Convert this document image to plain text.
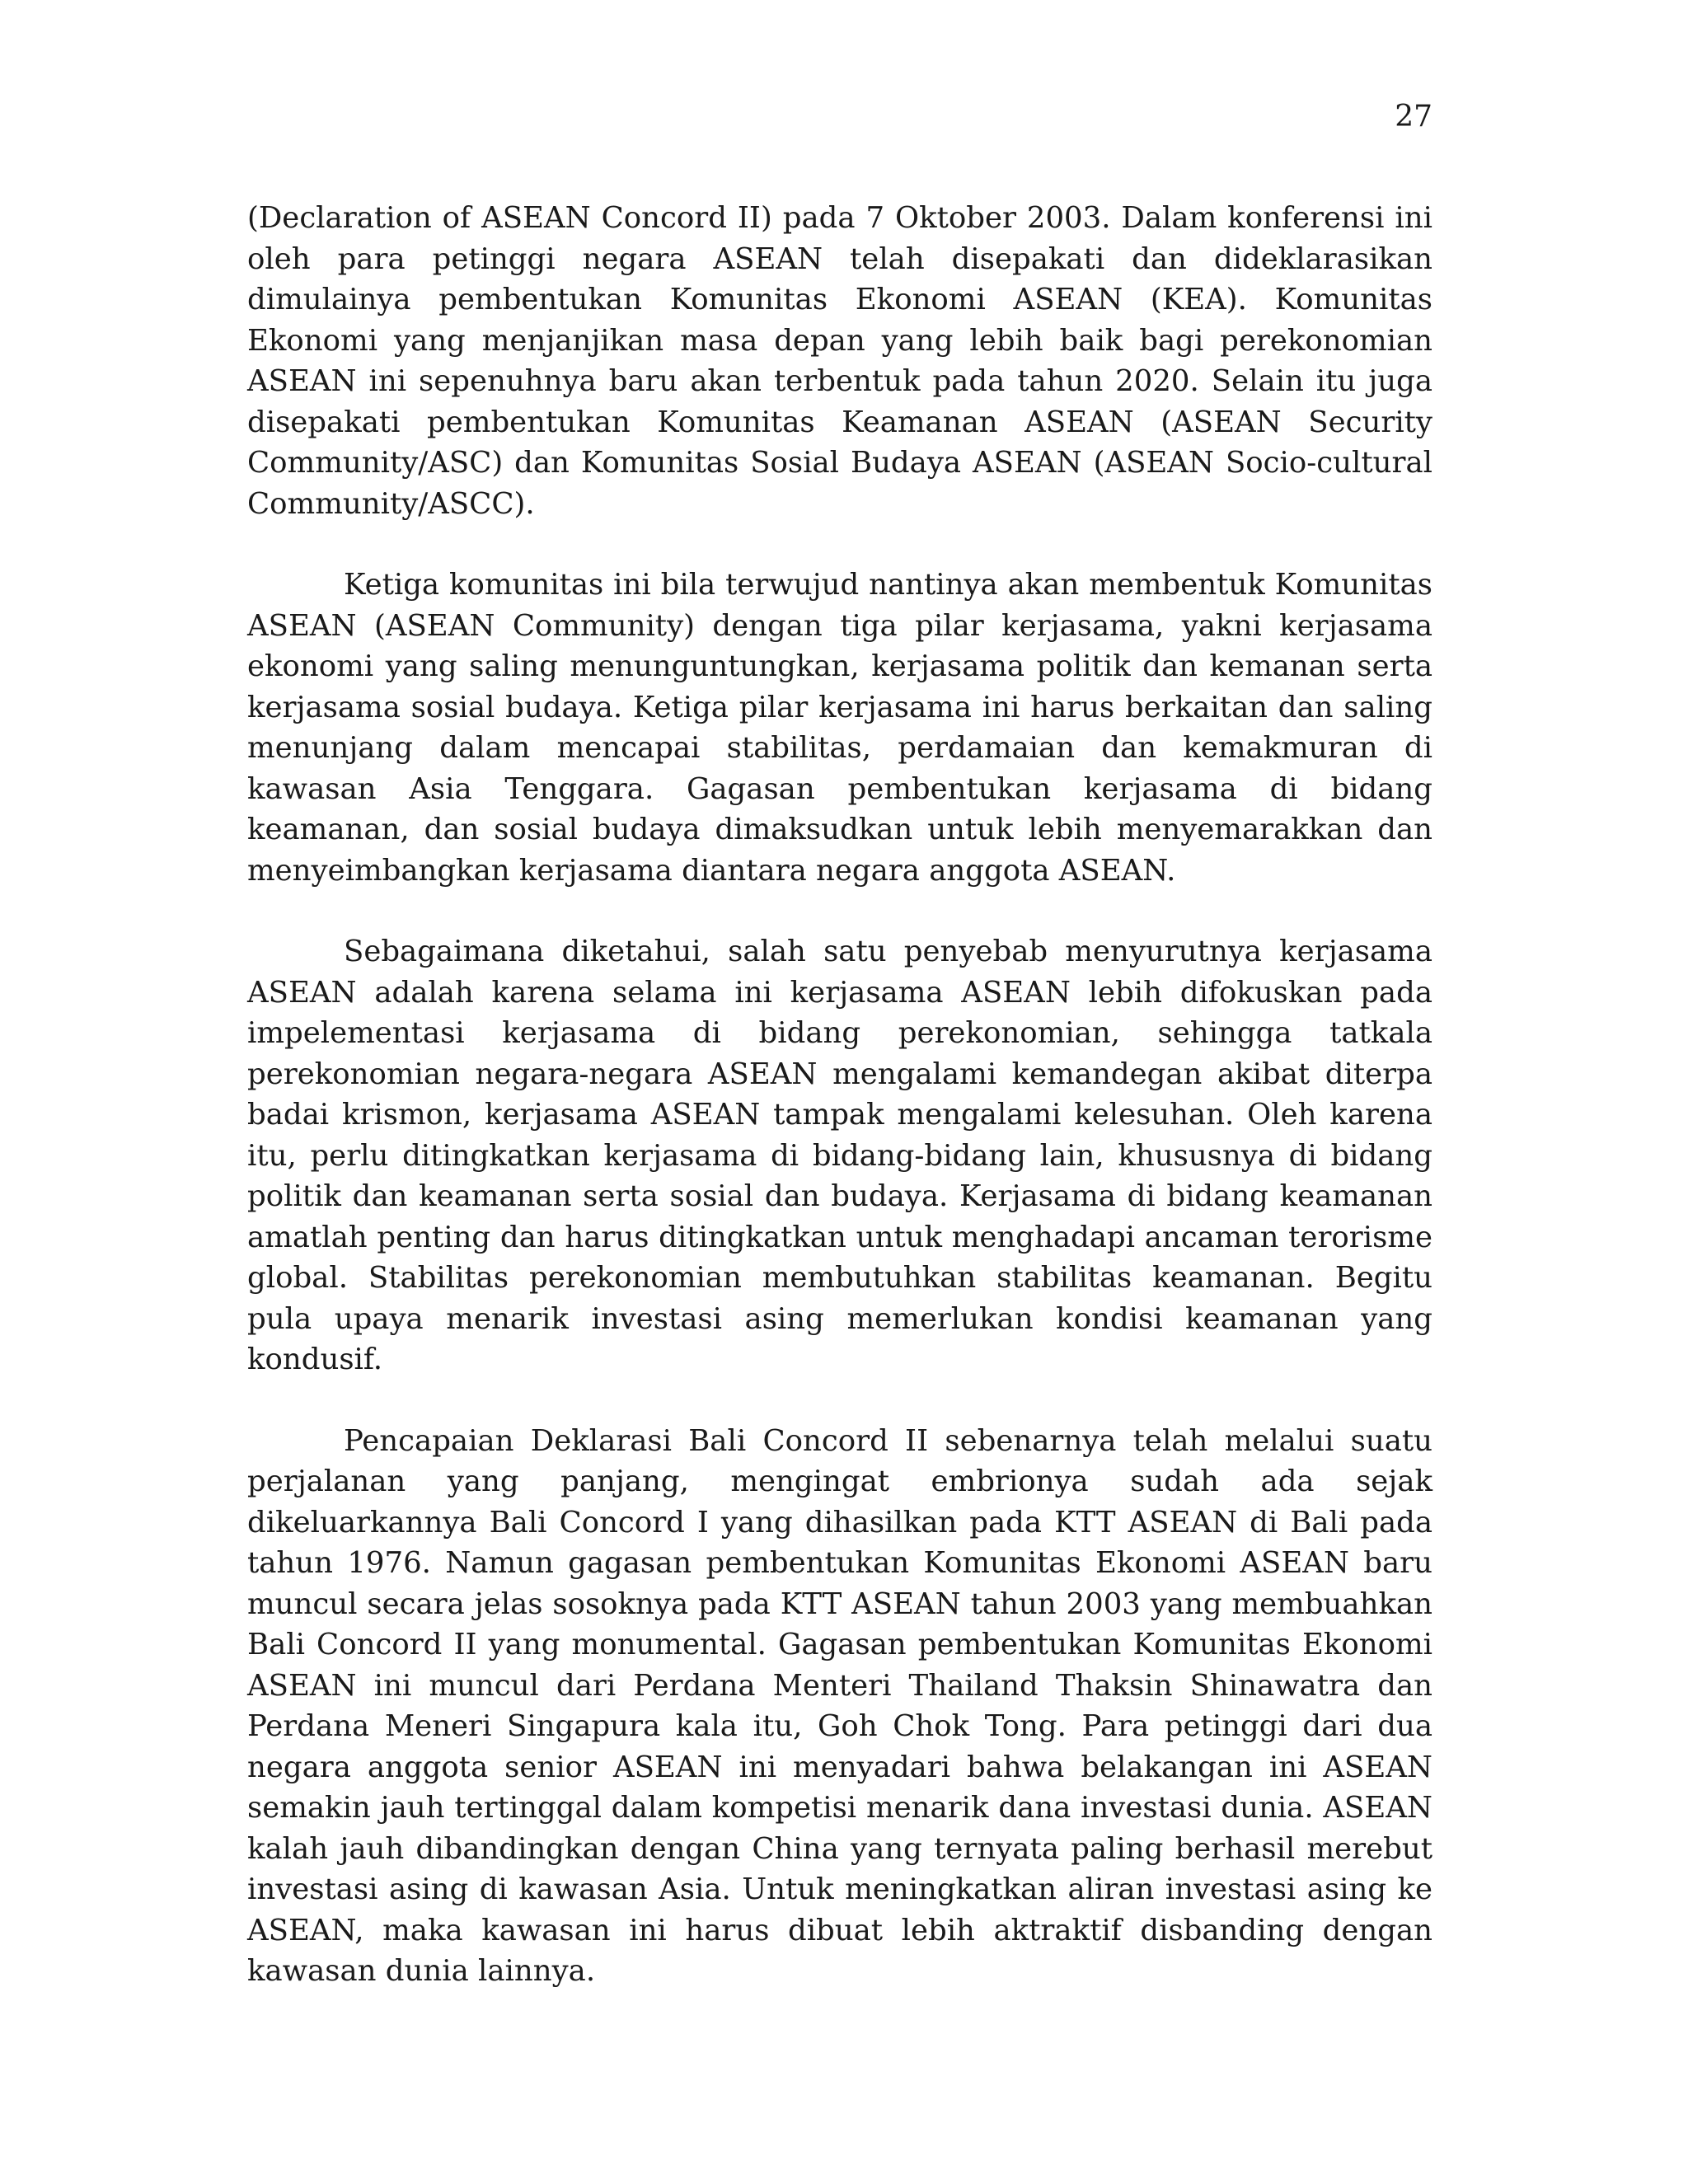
27

(Declaration of ASEAN Concord II) pada 7 Oktober 2003. Dalam konferensi ini oleh para petinggi negara ASEAN telah disepakati dan dideklarasikan dimulainya pembentukan Komunitas Ekonomi ASEAN (KEA). Komunitas Ekonomi yang menjanjikan masa depan yang lebih baik bagi perekonomian ASEAN ini sepenuhnya baru akan terbentuk pada tahun 2020. Selain itu juga disepakati pembentukan Komunitas Keamanan ASEAN (ASEAN Security Community/ASC) dan Komunitas Sosial Budaya ASEAN (ASEAN Socio-cultural Community/ASCC).

Ketiga komunitas ini bila terwujud nantinya akan membentuk Komunitas ASEAN (ASEAN Community) dengan tiga pilar kerjasama, yakni kerjasama ekonomi yang saling menunguntungkan, kerjasama politik dan kemanan serta kerjasama sosial budaya. Ketiga pilar kerjasama ini harus berkaitan dan saling menunjang dalam mencapai stabilitas, perdamaian dan kemakmuran di kawasan Asia Tenggara. Gagasan pembentukan kerjasama di bidang keamanan, dan sosial budaya dimaksudkan untuk lebih menyemarakkan dan menyeimbangkan kerjasama diantara negara anggota ASEAN.

Sebagaimana diketahui, salah satu penyebab menyurutnya kerjasama ASEAN adalah karena selama ini kerjasama ASEAN lebih difokuskan pada impelementasi kerjasama di bidang perekonomian, sehingga tatkala perekonomian negara-negara ASEAN mengalami kemandegan akibat diterpa badai krismon, kerjasama ASEAN tampak mengalami kelesuhan. Oleh karena itu, perlu ditingkatkan kerjasama di bidang-bidang lain, khususnya di bidang politik dan keamanan serta sosial dan budaya. Kerjasama di bidang keamanan amatlah penting dan harus ditingkatkan untuk menghadapi ancaman terorisme global. Stabilitas perekonomian membutuhkan stabilitas keamanan. Begitu pula upaya menarik investasi asing memerlukan kondisi keamanan yang kondusif.

Pencapaian Deklarasi Bali Concord II sebenarnya telah melalui suatu perjalanan yang panjang, mengingat embrionya sudah ada sejak dikeluarkannya Bali Concord I yang dihasilkan pada KTT ASEAN di Bali pada tahun 1976. Namun gagasan pembentukan Komunitas Ekonomi ASEAN baru muncul secara jelas sosoknya pada KTT ASEAN tahun 2003 yang membuahkan Bali Concord II yang monumental. Gagasan pembentukan Komunitas Ekonomi ASEAN ini muncul dari Perdana Menteri Thailand Thaksin Shinawatra dan Perdana Meneri Singapura kala itu, Goh Chok Tong. Para petinggi dari dua negara anggota senior ASEAN ini menyadari bahwa belakangan ini ASEAN semakin jauh tertinggal dalam kompetisi menarik dana investasi dunia. ASEAN kalah jauh dibandingkan dengan China yang ternyata paling berhasil merebut investasi asing di kawasan Asia. Untuk meningkatkan aliran investasi asing ke ASEAN, maka kawasan ini harus dibuat lebih aktraktif disbanding dengan kawasan dunia lainnya.
